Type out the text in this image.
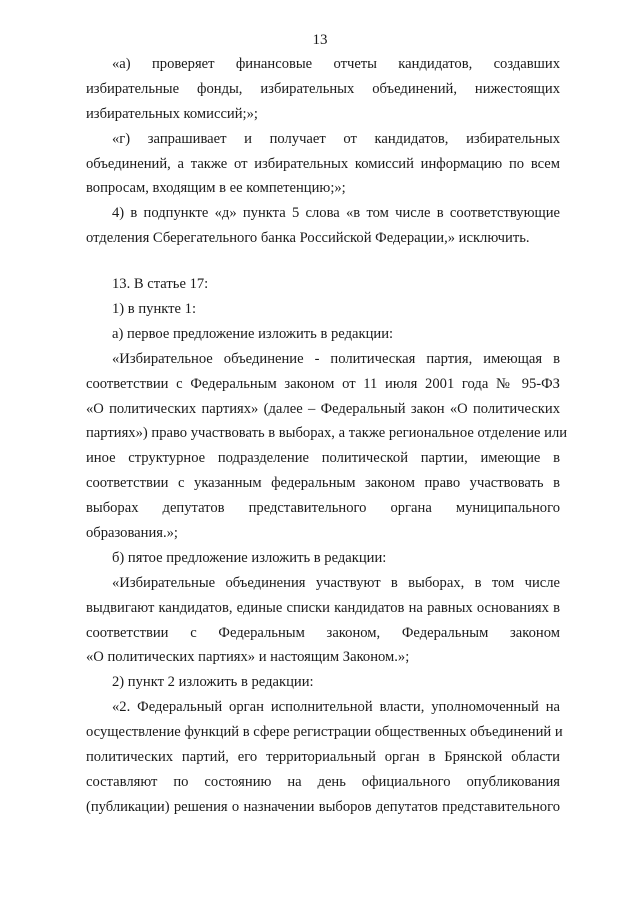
13
«а) проверяет финансовые отчеты кандидатов, создавших
избирательные фонды, избирательных объединений, нижестоящих
избирательных комиссий;»;
«г) запрашивает и получает от кандидатов, избирательных
объединений, а также от избирательных комиссий информацию по всем
вопросам, входящим в ее компетенцию;»;
4) в подпункте «д» пункта 5 слова «в том числе в соответствующие
отделения Сберегательного банка Российской Федерации,» исключить.
13. В статье 17:
1) в пункте 1:
а) первое предложение изложить в редакции:
«Избирательное объединение - политическая партия, имеющая в
соответствии с Федеральным законом от 11 июля 2001 года № 95-ФЗ
«О политических партиях» (далее – Федеральный закон «О политических
партиях») право участвовать в выборах, а также региональное отделение или
иное структурное подразделение политической партии, имеющие в
соответствии с указанным федеральным законом право участвовать в
выборах депутатов представительного органа муниципального
образования.»;
б) пятое предложение изложить в редакции:
«Избирательные объединения участвуют в выборах, в том числе
выдвигают кандидатов, единые списки кандидатов на равных основаниях в
соответствии с Федеральным законом, Федеральным законом
«О политических партиях» и настоящим Законом.»;
2) пункт 2 изложить в редакции:
«2. Федеральный орган исполнительной власти, уполномоченный на
осуществление функций в сфере регистрации общественных объединений и
политических партий, его территориальный орган в Брянской области
составляют по состоянию на день официального опубликования
(публикации) решения о назначении выборов депутатов представительного
